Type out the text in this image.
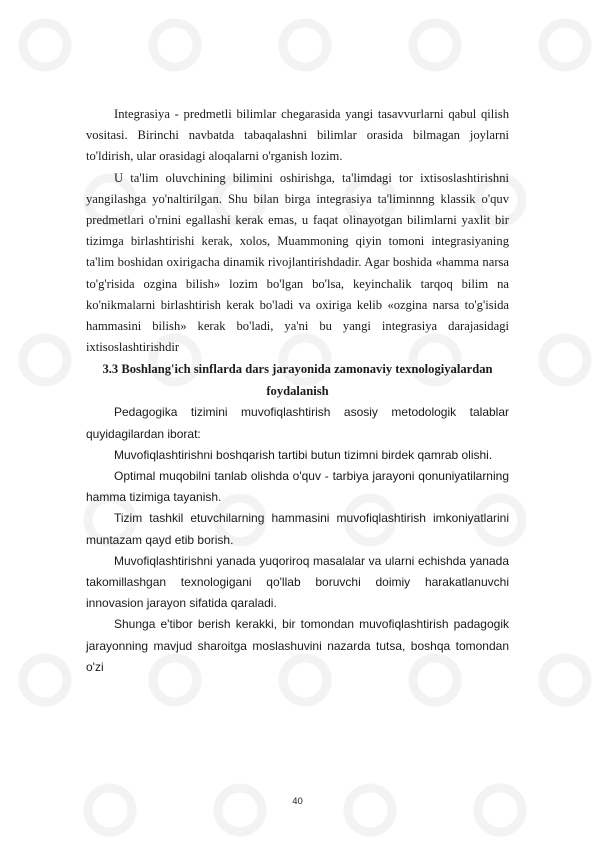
Integrasiya - predmetli bilimlar chegarasida yangi tasavvurlarni qabul qilish vositasi. Birinchi navbatda tabaqalashni bilimlar orasida bilmagan joylarni to'ldirish, ular orasidagi aloqalarni o'rganish lozim.

U ta'lim oluvchining bilimini oshirishga, ta'limdagi tor ixtisoslashtirishni yangilashga yo'naltirilgan. Shu bilan birga integrasiya ta'liminnng klassik o'quv predmetlari o'rnini egallashi kerak emas, u faqat olinayotgan bilimlarni yaxlit bir tizimga birlashtirishi kerak, xolos, Muammoning qiyin tomoni integrasiyaning ta'lim boshidan oxirigacha dinamik rivojlantirishdadir. Agar boshida «hamma narsa to'g'risida ozgina bilish» lozim bo'lgan bo'lsa, keyinchalik tarqoq bilim na ko'nikmalarni birlashtirish kerak bo'ladi va oxiriga kelib «ozgina narsa to'g'isida hammasini bilish» kerak bo'ladi, ya'ni bu yangi integrasiya darajasidagi ixtisoslashtirishdir

3.3 Boshlang'ich sinflarda dars jarayonida zamonaviy texnologiyalardan foydalanish

Pedagogika tizimini muvofiqlashtirish asosiy metodologik talablar quyidagilardan iborat:

Muvofiqlashtirishni boshqarish tartibi butun tizimni birdek qamrab olishi.

Optimal muqobilni tanlab olishda o'quv - tarbiya jarayoni qonuniyatilarning hamma tizimiga tayanish.

Tizim tashkil etuvchilarning hammasini muvofiqlashtirish imkoniyatlarini muntazam qayd etib borish.

Muvofiqlashtirishni yanada yuqoriroq masalalar va ularni echishda yanada takomillashgan texnologigani qo'llab boruvchi doimiy harakatlanuvchi innovasion jarayon sifatida qaraladi.

Shunga e'tibor berish kerakki, bir tomondan muvofiqlashtirish padagogik jarayonning mavjud sharoitga moslashuvini nazarda tutsa, boshqa tomondan o'zi

40
